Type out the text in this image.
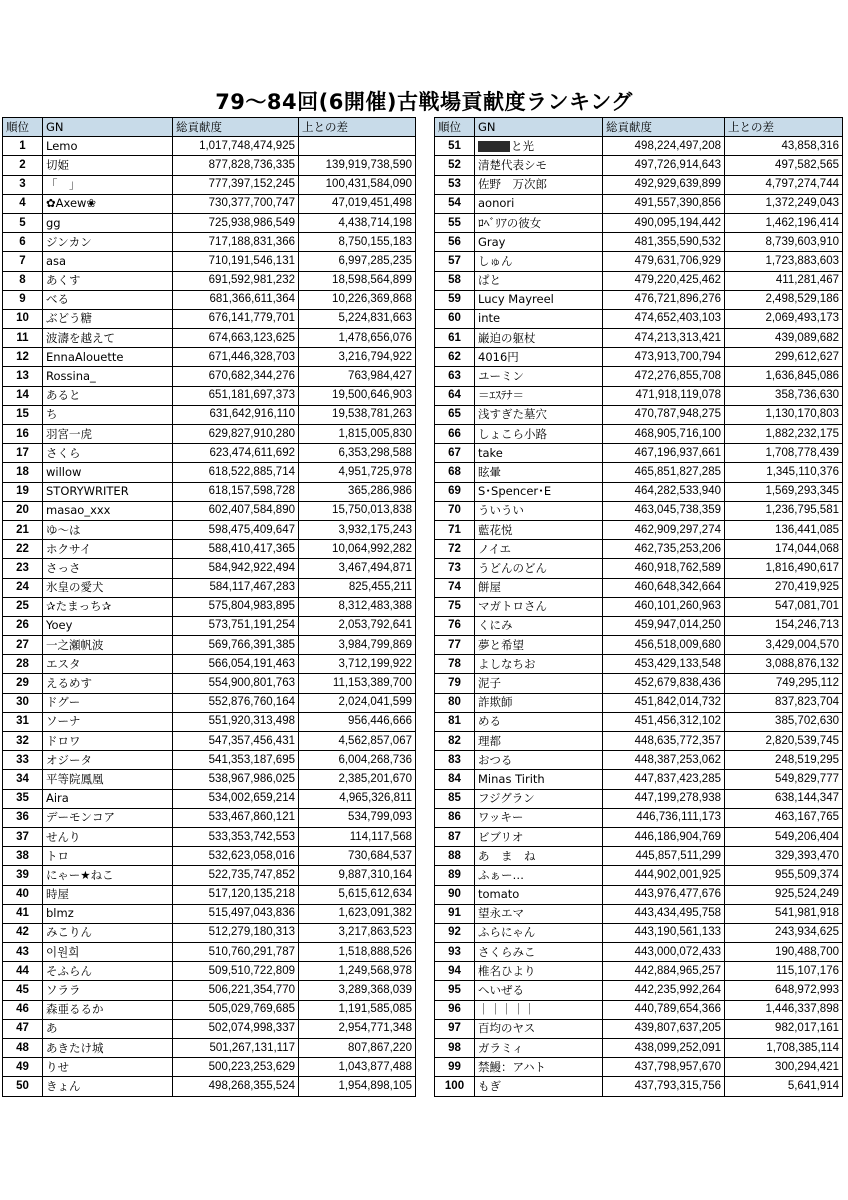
79～84回(6開催)古戦場貢献度ランキング
順位	GN	総貢献度	上との差
1	Lemo	1,017,748,474,925	
2	切姫	877,828,736,335	139,919,738,590
3	「　」	777,397,152,245	100,431,584,090
4	✿Axew❀	730,377,700,747	47,019,451,498
5	gg	725,938,986,549	4,438,714,198
6	ジンカン	717,188,831,366	8,750,155,183
7	asa	710,191,546,131	6,997,285,235
8	あくす	691,592,981,232	18,598,564,899
9	べる	681,366,611,364	10,226,369,868
10	ぶどう糖	676,141,779,701	5,224,831,663
11	波濤を越えて	674,663,123,625	1,478,656,076
12	EnnaAlouette	671,446,328,703	3,216,794,922
13	Rossina_	670,682,344,276	763,984,427
14	あると	651,181,697,373	19,500,646,903
15	ち	631,642,916,110	19,538,781,263
16	羽宮一虎	629,827,910,280	1,815,005,830
17	さくら	623,474,611,692	6,353,298,588
18	willow	618,522,885,714	4,951,725,978
19	STORYWRITER	618,157,598,728	365,286,986
20	masao_xxx	602,407,584,890	15,750,013,838
21	ゆ～は	598,475,409,647	3,932,175,243
22	ホクサイ	588,410,417,365	10,064,992,282
23	さっさ	584,942,922,494	3,467,494,871
24	氷皇の愛犬	584,117,467,283	825,455,211
25	✰たまっち✰	575,804,983,895	8,312,483,388
26	Yoey	573,751,191,254	2,053,792,641
27	一之瀬帆波	569,766,391,385	3,984,799,869
28	エスタ	566,054,191,463	3,712,199,922
29	えるめす	554,900,801,763	11,153,389,700
30	ドグー	552,876,760,164	2,024,041,599
31	ソーナ	551,920,313,498	956,446,666
32	ドロワ	547,357,456,431	4,562,857,067
33	オジータ	541,353,187,695	6,004,268,736
34	平等院鳳凰	538,967,986,025	2,385,201,670
35	Aira	534,002,659,214	4,965,326,811
36	デーモンコア	533,467,860,121	534,799,093
37	せんり	533,353,742,553	114,117,568
38	トロ	532,623,058,016	730,684,537
39	にゃー★ねこ	522,735,747,852	9,887,310,164
40	時屋	517,120,135,218	5,615,612,634
41	blmz	515,497,043,836	1,623,091,382
42	みこりん	512,279,180,313	3,217,863,523
43	이원희	510,760,291,787	1,518,888,526
44	そふらん	509,510,722,809	1,249,568,978
45	ソララ	506,221,354,770	3,289,368,039
46	森亜るるか	505,029,769,685	1,191,585,085
47	あ	502,074,998,337	2,954,771,348
48	あきたけ城	501,267,131,117	807,867,220
49	りせ	500,223,253,629	1,043,877,488
50	きょん	498,268,355,524	1,954,898,105
順位	GN	総貢献度	上との差
51	と光	498,224,497,208	43,858,316
52	清楚代表シモ	497,726,914,643	497,582,565
53	佐野　万次郎	492,929,639,899	4,797,274,744
54	aonori	491,557,390,856	1,372,249,043
55	ﾛﾍﾞﾘｱの彼女	490,095,194,442	1,462,196,414
56	Gray	481,355,590,532	8,739,603,910
57	しゅん	479,631,706,929	1,723,883,603
58	ぱと	479,220,425,462	411,281,467
59	Lucy Mayreel	476,721,896,276	2,498,529,186
60	inte	474,652,403,103	2,069,493,173
61	巌迫の躯杖	474,213,313,421	439,089,682
62	4016円	473,913,700,794	299,612,627
63	ユーミン	472,276,855,708	1,636,845,086
64	＝ｴｽﾃﾅ＝	471,918,119,078	358,736,630
65	浅すぎた墓穴	470,787,948,275	1,130,170,803
66	しょこら小路	468,905,716,100	1,882,232,175
67	take	467,196,937,661	1,708,778,439
68	眩暈	465,851,827,285	1,345,110,376
69	S･Spencer･E	464,282,533,940	1,569,293,345
70	ういうい	463,045,738,359	1,236,795,581
71	藍花悦	462,909,297,274	136,441,085
72	ノイエ	462,735,253,206	174,044,068
73	うどんのどん	460,918,762,589	1,816,490,617
74	餅屋	460,648,342,664	270,419,925
75	マガトロさん	460,101,260,963	547,081,701
76	くにみ	459,947,014,250	154,246,713
77	夢と希望	456,518,009,680	3,429,004,570
78	よしなちお	453,429,133,548	3,088,876,132
79	泥子	452,679,838,436	749,295,112
80	詐欺師	451,842,014,732	837,823,704
81	める	451,456,312,102	385,702,630
82	理都	448,635,772,357	2,820,539,745
83	おつる	448,387,253,062	248,519,295
84	Minas Tirith	447,837,423,285	549,829,777
85	フジグラン	447,199,278,938	638,144,347
86	ワッキー	446,736,111,173	463,167,765
87	ビブリオ	446,186,904,769	549,206,404
88	あ　ま　ね	445,857,511,299	329,393,470
89	ふぁー…	444,902,001,925	955,509,374
90	tomato	443,976,477,676	925,524,249
91	望永エマ	443,434,495,758	541,981,918
92	ふらにゃん	443,190,561,133	243,934,625
93	さくらみこ	443,000,072,433	190,488,700
94	椎名ひより	442,884,965,257	115,107,176
95	へいぜる	442,235,992,264	648,972,993
96	｜｜｜｜｜	440,789,654,366	1,446,337,898
97	百均のヤス	439,807,637,205	982,017,161
98	ガラミィ	438,099,252,091	1,708,385,114
99	禁鰻：アハト	437,798,957,670	300,294,421
100	もぎ	437,793,315,756	5,641,914
